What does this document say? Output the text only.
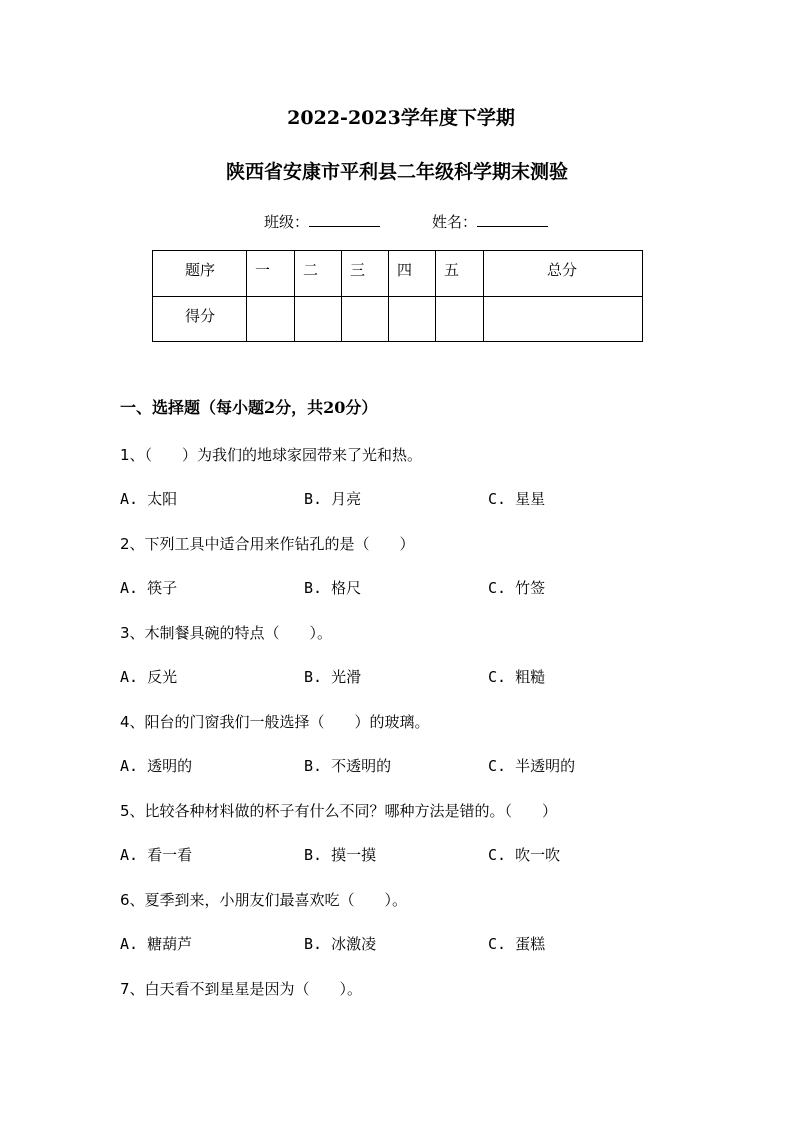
2022-2023学年度下学期
陕西省安康市平利县二年级科学期末测验
班级：	姓名：
题序	一	二	三	四	五	总分
得分						
一、选择题（每小题2分，共20分）
1、（　　）为我们的地球家园带来了光和热。
A. 太阳	B. 月亮	C. 星星
2、下列工具中适合用来作钻孔的是（　　）
A. 筷子	B. 格尺	C. 竹签
3、木制餐具碗的特点（　　）。
A. 反光	B. 光滑	C. 粗糙
4、阳台的门窗我们一般选择（　　）的玻璃。
A. 透明的	B. 不透明的	C. 半透明的
5、比较各种材料做的杯子有什么不同？哪种方法是错的。（　　）
A. 看一看	B. 摸一摸	C. 吹一吹
6、夏季到来，小朋友们最喜欢吃（　　）。
A. 糖葫芦	B. 冰激凌	C. 蛋糕
7、白天看不到星星是因为（　　）。
